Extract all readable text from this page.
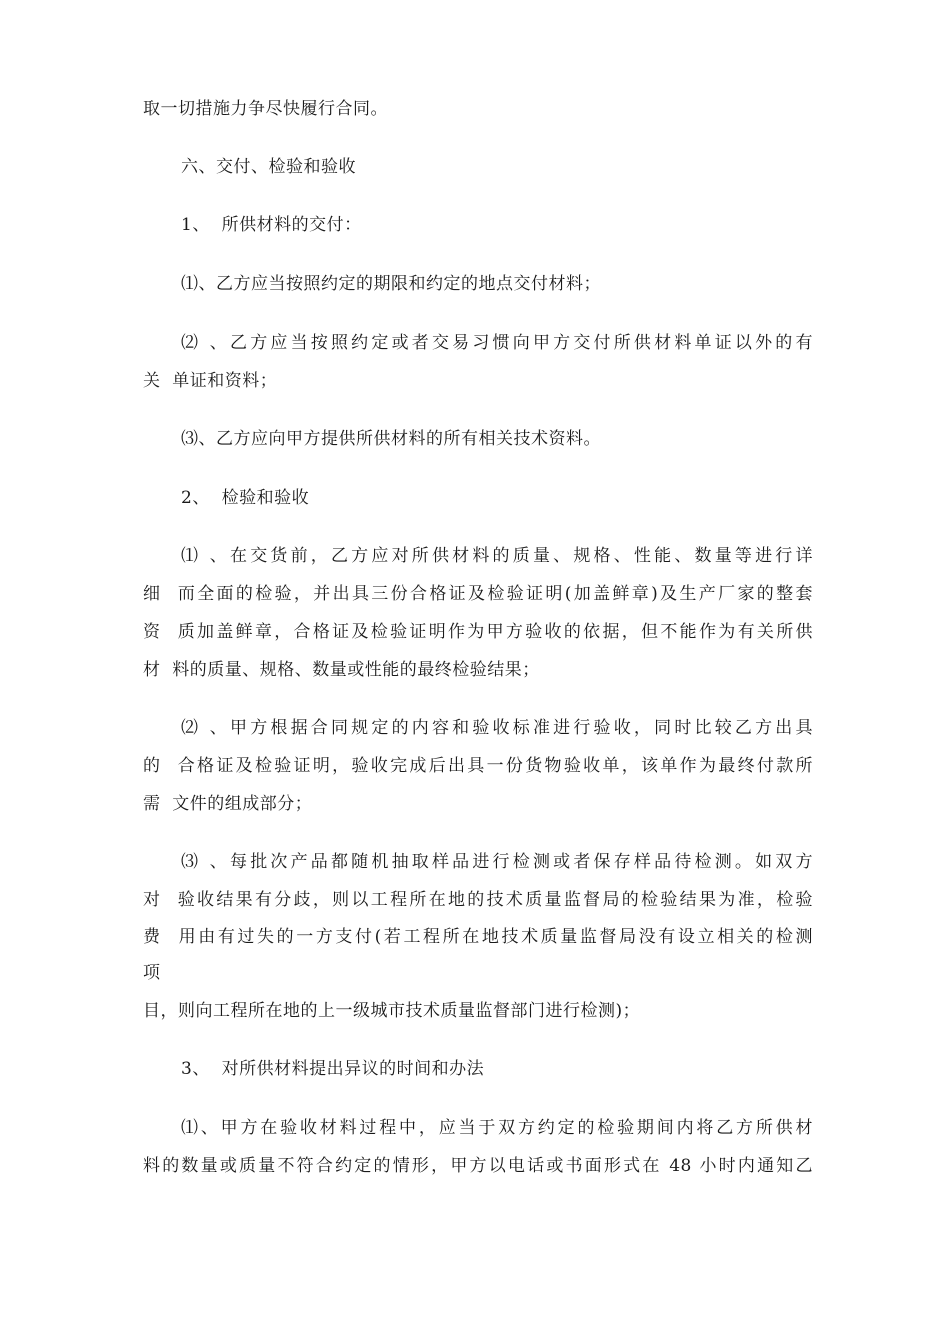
取一切措施力争尽快履行合同。
六、交付、检验和验收
1、  所供材料的交付：
⑴、乙方应当按照约定的期限和约定的地点交付材料；
⑵ 、乙方应当按照约定或者交易习惯向甲方交付所供材料单证以外的有
关  单证和资料；
⑶、乙方应向甲方提供所供材料的所有相关技术资料。
2、  检验和验收
⑴ 、在交货前，乙方应对所供材料的质量、规格、性能、数量等进行详
细  而全面的检验，并出具三份合格证及检验证明(加盖鲜章)及生产厂家的整套
资  质加盖鲜章，合格证及检验证明作为甲方验收的依据，但不能作为有关所供
材  料的质量、规格、数量或性能的最终检验结果；
⑵ 、甲方根据合同规定的内容和验收标准进行验收，同时比较乙方出具
的  合格证及检验证明，验收完成后出具一份货物验收单，该单作为最终付款所
需  文件的组成部分；
⑶ 、每批次产品都随机抽取样品进行检测或者保存样品待检测。如双方
对  验收结果有分歧，则以工程所在地的技术质量监督局的检验结果为准，检验
费  用由有过失的一方支付(若工程所在地技术质量监督局没有设立相关的检测
项
目，则向工程所在地的上一级城市技术质量监督部门进行检测)；
3、  对所供材料提出异议的时间和办法
⑴、甲方在验收材料过程中，应当于双方约定的检验期间内将乙方所供材
料的数量或质量不符合约定的情形，甲方以电话或书面形式在 48 小时内通知乙
